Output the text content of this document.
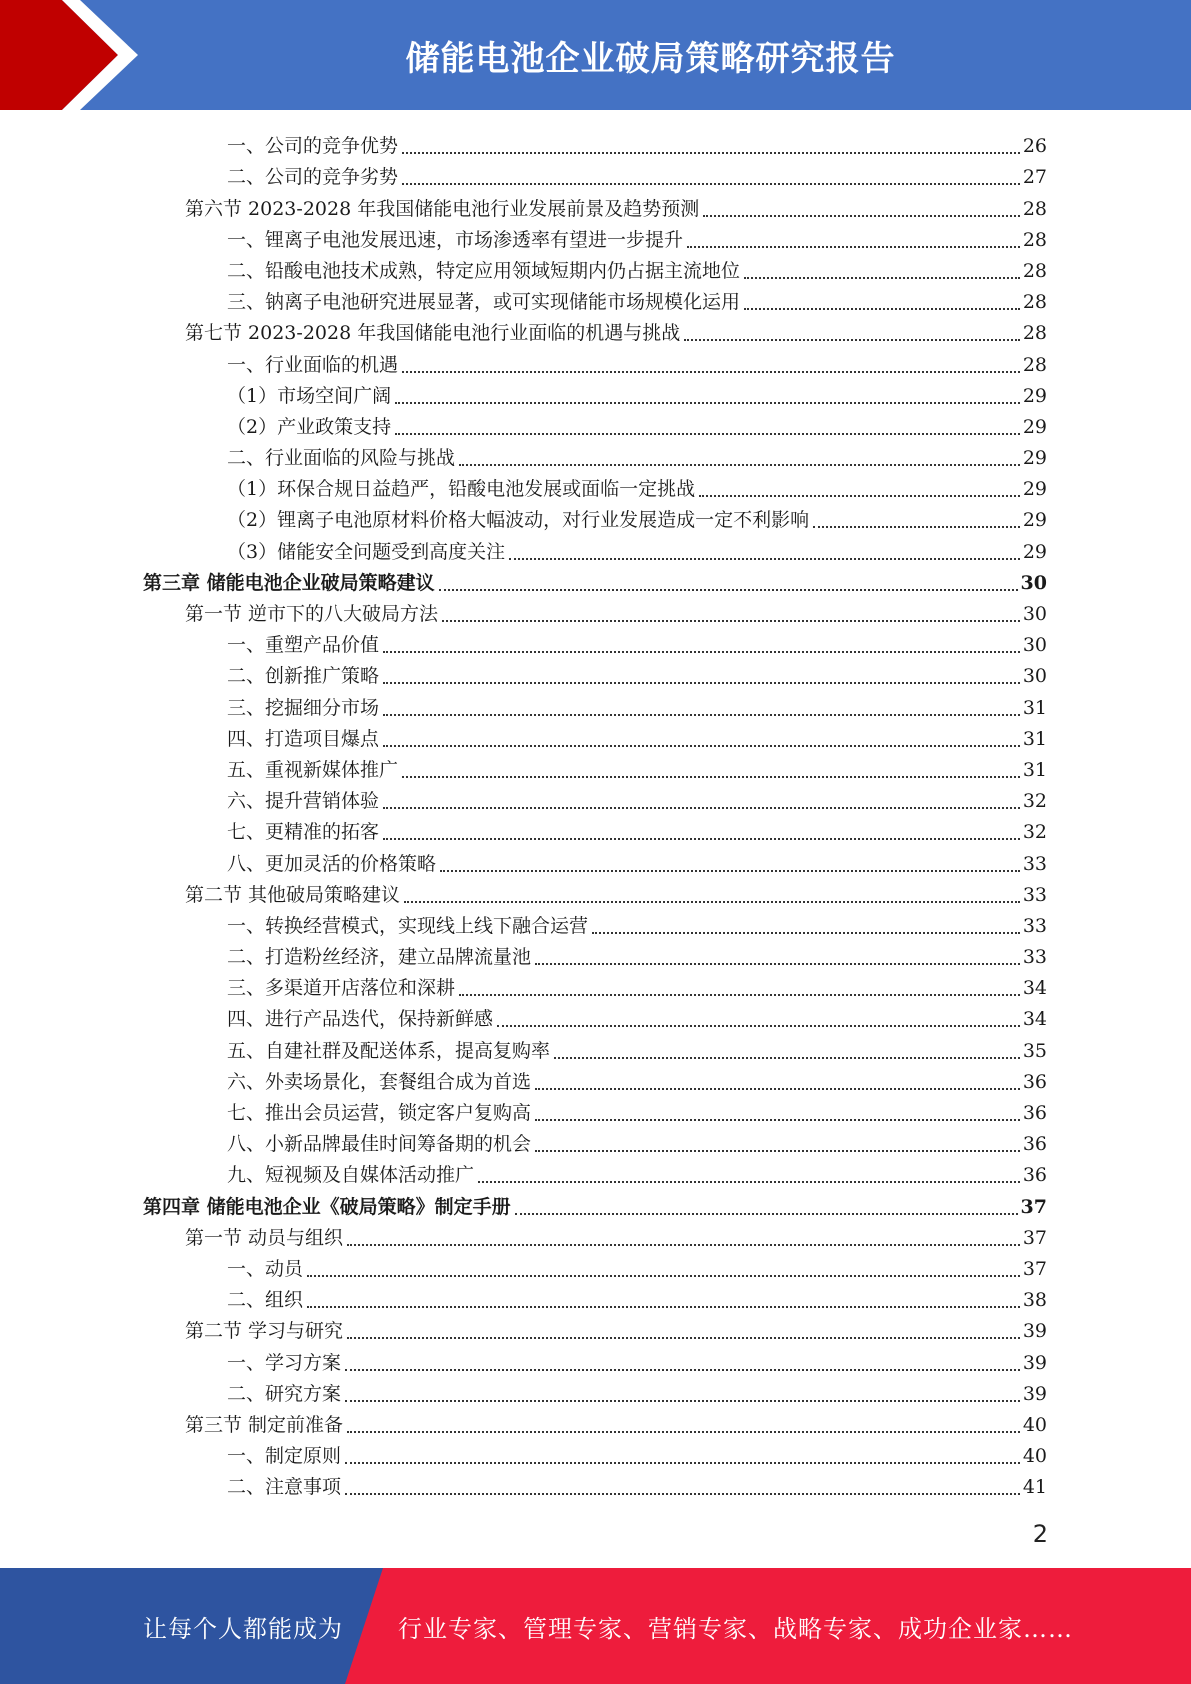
储能电池企业破局策略研究报告
一、公司的竞争优势	26
二、公司的竞争劣势	27
第六节 2023-2028 年我国储能电池行业发展前景及趋势预测	28
一、锂离子电池发展迅速，市场渗透率有望进一步提升	28
二、铅酸电池技术成熟，特定应用领域短期内仍占据主流地位	28
三、钠离子电池研究进展显著，或可实现储能市场规模化运用	28
第七节 2023-2028 年我国储能电池行业面临的机遇与挑战	28
一、行业面临的机遇	28
（1）市场空间广阔	29
（2）产业政策支持	29
二、行业面临的风险与挑战	29
（1）环保合规日益趋严，铅酸电池发展或面临一定挑战	29
（2）锂离子电池原材料价格大幅波动，对行业发展造成一定不利影响	29
（3）储能安全问题受到高度关注	29
第三章 储能电池企业破局策略建议	30
第一节 逆市下的八大破局方法	30
一、重塑产品价值	30
二、创新推广策略	30
三、挖掘细分市场	31
四、打造项目爆点	31
五、重视新媒体推广	31
六、提升营销体验	32
七、更精准的拓客	32
八、更加灵活的价格策略	33
第二节 其他破局策略建议	33
一、转换经营模式，实现线上线下融合运营	33
二、打造粉丝经济，建立品牌流量池	33
三、多渠道开店落位和深耕	34
四、进行产品迭代，保持新鲜感	34
五、自建社群及配送体系，提高复购率	35
六、外卖场景化，套餐组合成为首选	36
七、推出会员运营，锁定客户复购高	36
八、小新品牌最佳时间筹备期的机会	36
九、短视频及自媒体活动推广	36
第四章 储能电池企业《破局策略》制定手册	37
第一节 动员与组织	37
一、动员	37
二、组织	38
第二节 学习与研究	39
一、学习方案	39
二、研究方案	39
第三节 制定前准备	40
一、制定原则	40
二、注意事项	41
2
让每个人都能成为 行业专家、管理专家、营销专家、战略专家、成功企业家……
